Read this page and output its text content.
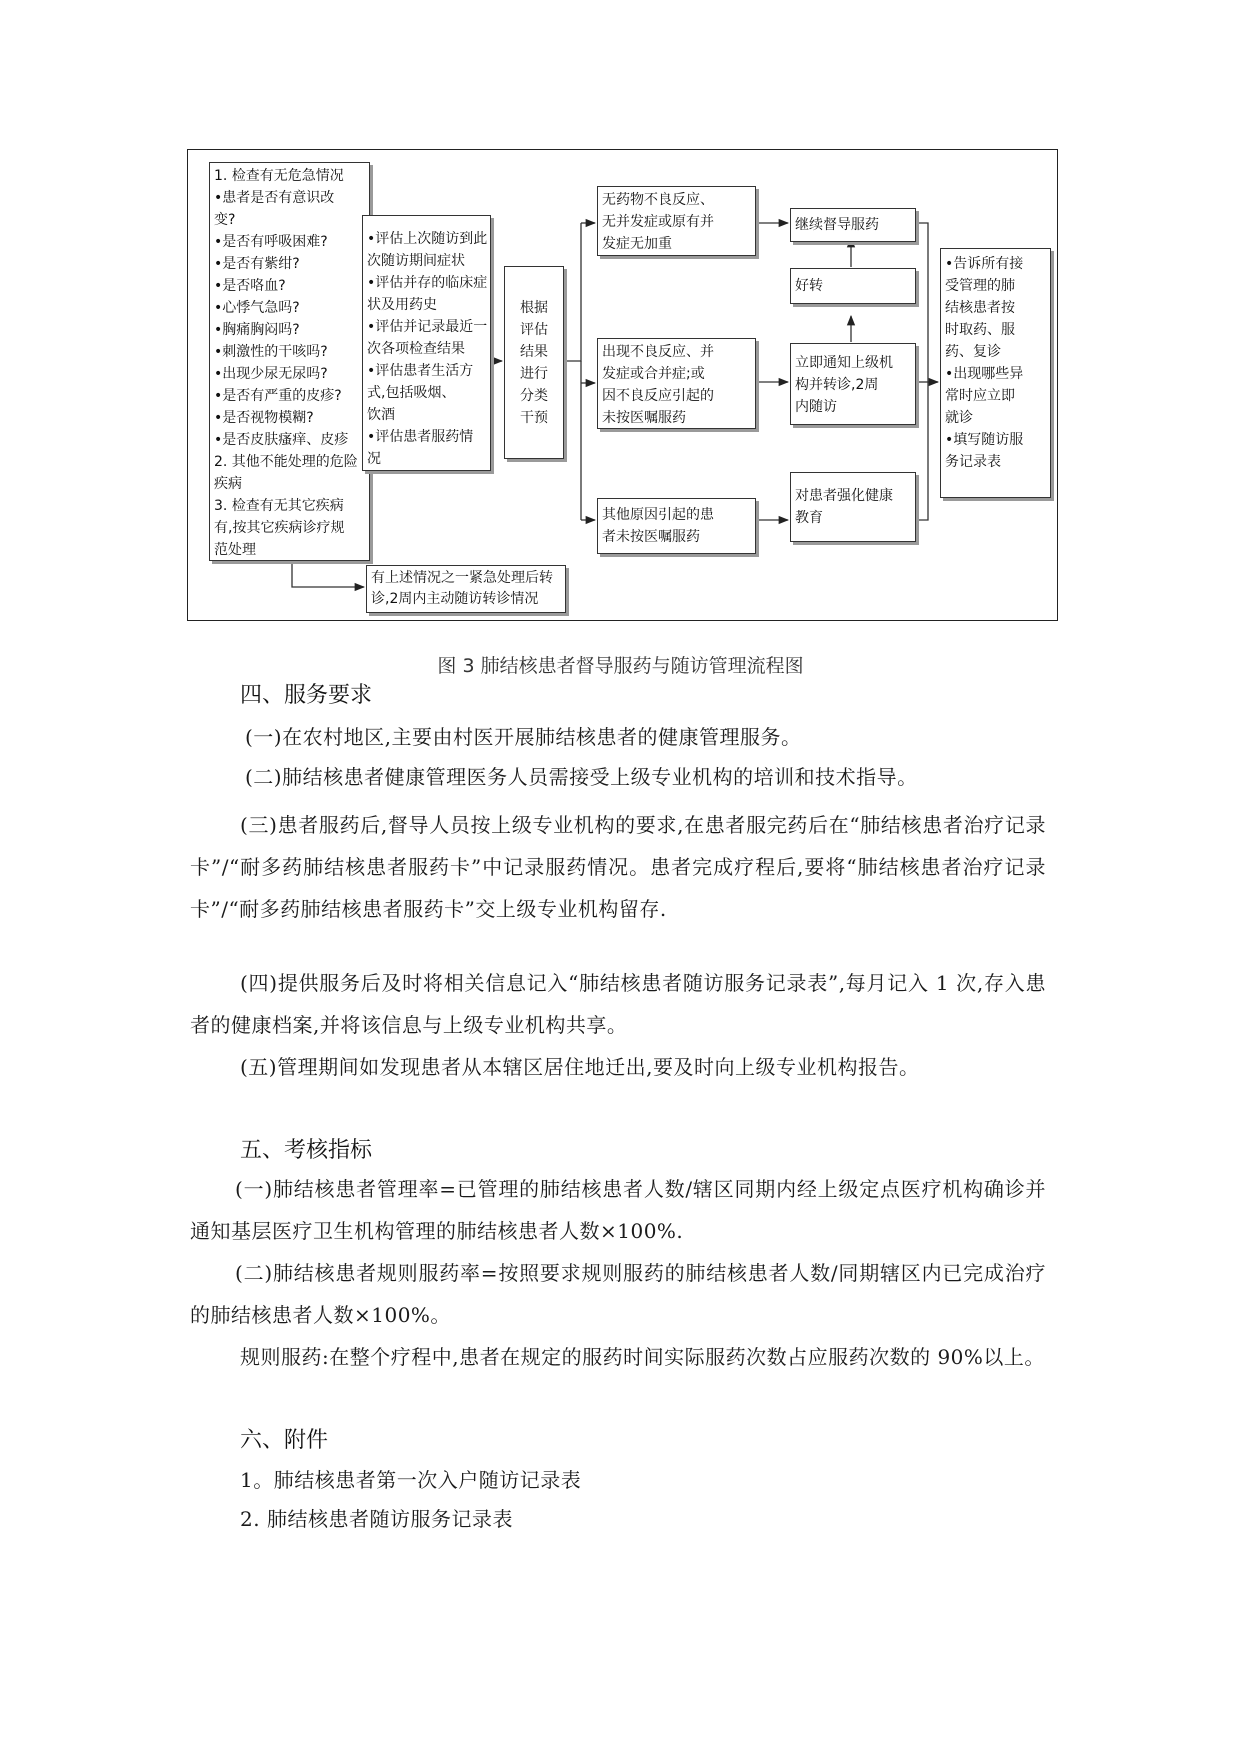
1. 检查有无危急情况
•患者是否有意识改
变?
•是否有呼吸困难?
•是否有紫绀?
•是否咯血?
•心悸气急吗?
•胸痛胸闷吗?
•刺激性的干咳吗?
•出现少尿无尿吗?
•是否有严重的皮疹?
•是否视物模糊?
•是否皮肤瘙痒、皮疹
2. 其他不能处理的危险
疾病
3. 检查有无其它疾病
有,按其它疾病诊疗规
范处理
•评估上次随访到此
次随访期间症状
•评估并存的临床症
状及用药史
•评估并记录最近一
次各项检查结果
•评估患者生活方
式,包括吸烟、
饮酒
•评估患者服药情
况
根据
评估
结果
进行
分类
干预
无药物不良反应、
无并发症或原有并
发症无加重
出现不良反应、并
发症或合并症;或
因不良反应引起的
未按医嘱服药
其他原因引起的患
者未按医嘱服药
继续督导服药
好转
立即通知上级机
构并转诊,2周
内随访
对患者强化健康
教育
•告诉所有接
受管理的肺
结核患者按
时取药、服
药、复诊
•出现哪些异
常时应立即
就诊
•填写随访服
务记录表
有上述情况之一紧急处理后转
诊,2周内主动随访转诊情况
图 3 肺结核患者督导服药与随访管理流程图
四、服务要求
(一)在农村地区,主要由村医开展肺结核患者的健康管理服务。
(二)肺结核患者健康管理医务人员需接受上级专业机构的培训和技术指导。
(三)患者服药后,督导人员按上级专业机构的要求,在患者服完药后在“肺结核患者治疗记录卡”/“耐多药肺结核患者服药卡”中记录服药情况。患者完成疗程后,要将“肺结核患者治疗记录卡”/“耐多药肺结核患者服药卡”交上级专业机构留存.
(四)提供服务后及时将相关信息记入“肺结核患者随访服务记录表”,每月记入 1 次,存入患者的健康档案,并将该信息与上级专业机构共享。
(五)管理期间如发现患者从本辖区居住地迁出,要及时向上级专业机构报告。
五、考核指标
(一)肺结核患者管理率=已管理的肺结核患者人数/辖区同期内经上级定点医疗机构确诊并通知基层医疗卫生机构管理的肺结核患者人数×100%.
(二)肺结核患者规则服药率=按照要求规则服药的肺结核患者人数/同期辖区内已完成治疗的肺结核患者人数×100%。
规则服药:在整个疗程中,患者在规定的服药时间实际服药次数占应服药次数的 90%以上。
六、附件
1。肺结核患者第一次入户随访记录表
2. 肺结核患者随访服务记录表
